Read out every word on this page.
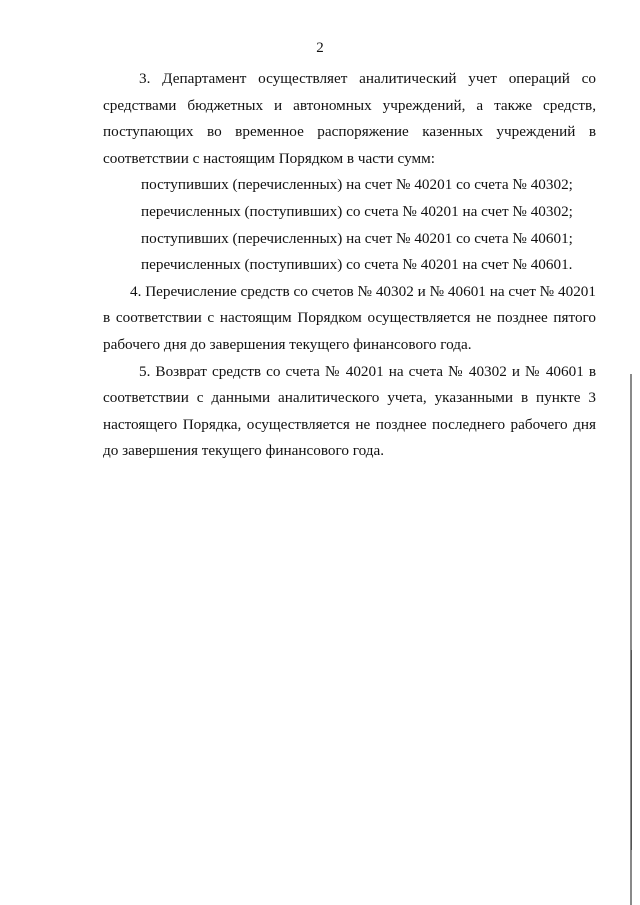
2

3. Департамент осуществляет аналитический учет операций со средствами бюджетных и автономных учреждений, а также средств, поступающих во временное распоряжение казенных учреждений в соответствии с настоящим Порядком в части сумм:

поступивших (перечисленных) на счет № 40201 со счета № 40302;

перечисленных (поступивших) со счета № 40201 на счет № 40302;

поступивших (перечисленных) на счет № 40201 со счета № 40601;

перечисленных (поступивших) со счета № 40201 на счет № 40601.

4. Перечисление средств со счетов № 40302 и № 40601 на счет № 40201 в соответствии с настоящим Порядком осуществляется не позднее пятого рабочего дня до завершения текущего финансового года.

5. Возврат средств со счета № 40201 на счета № 40302 и № 40601 в соответствии с данными аналитического учета, указанными в пункте 3 настоящего Порядка, осуществляется не позднее последнего рабочего дня до завершения текущего финансового года.
